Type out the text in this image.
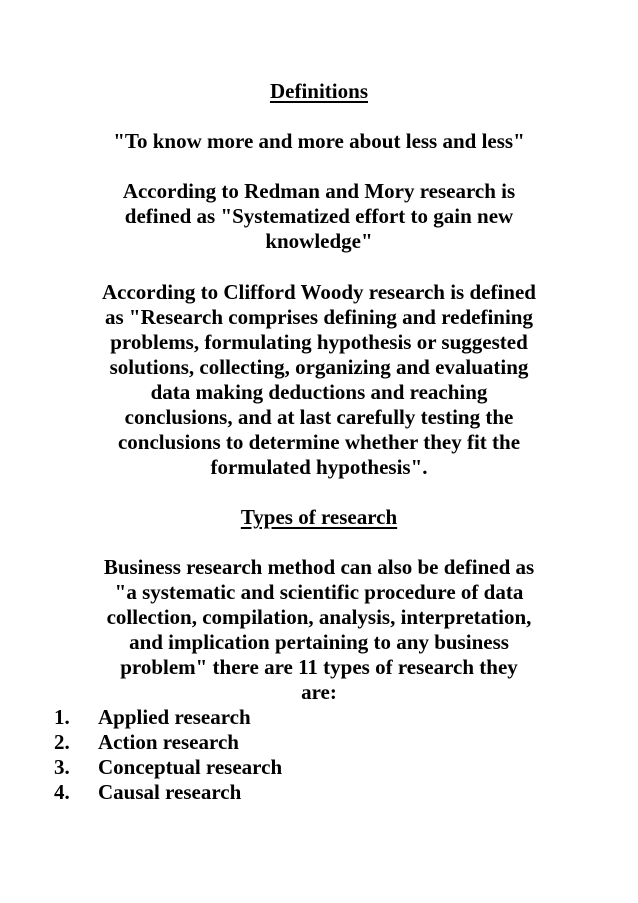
Definitions

"To know more and more about less and less"

According to Redman and Mory research is
defined as "Systematized effort to gain new
knowledge"

According to Clifford Woody research is defined
as "Research comprises defining and redefining
problems, formulating hypothesis or suggested
solutions, collecting, organizing and evaluating
data making deductions and reaching
conclusions, and at last carefully testing the
conclusions to determine whether they fit the
formulated hypothesis".

Types of research

Business research method can also be defined as
"a systematic and scientific procedure of data
collection, compilation, analysis, interpretation,
and implication pertaining to any business
problem" there are 11 types of research they
are:

1. Applied research
2. Action research
3. Conceptual research
4. Causal research
